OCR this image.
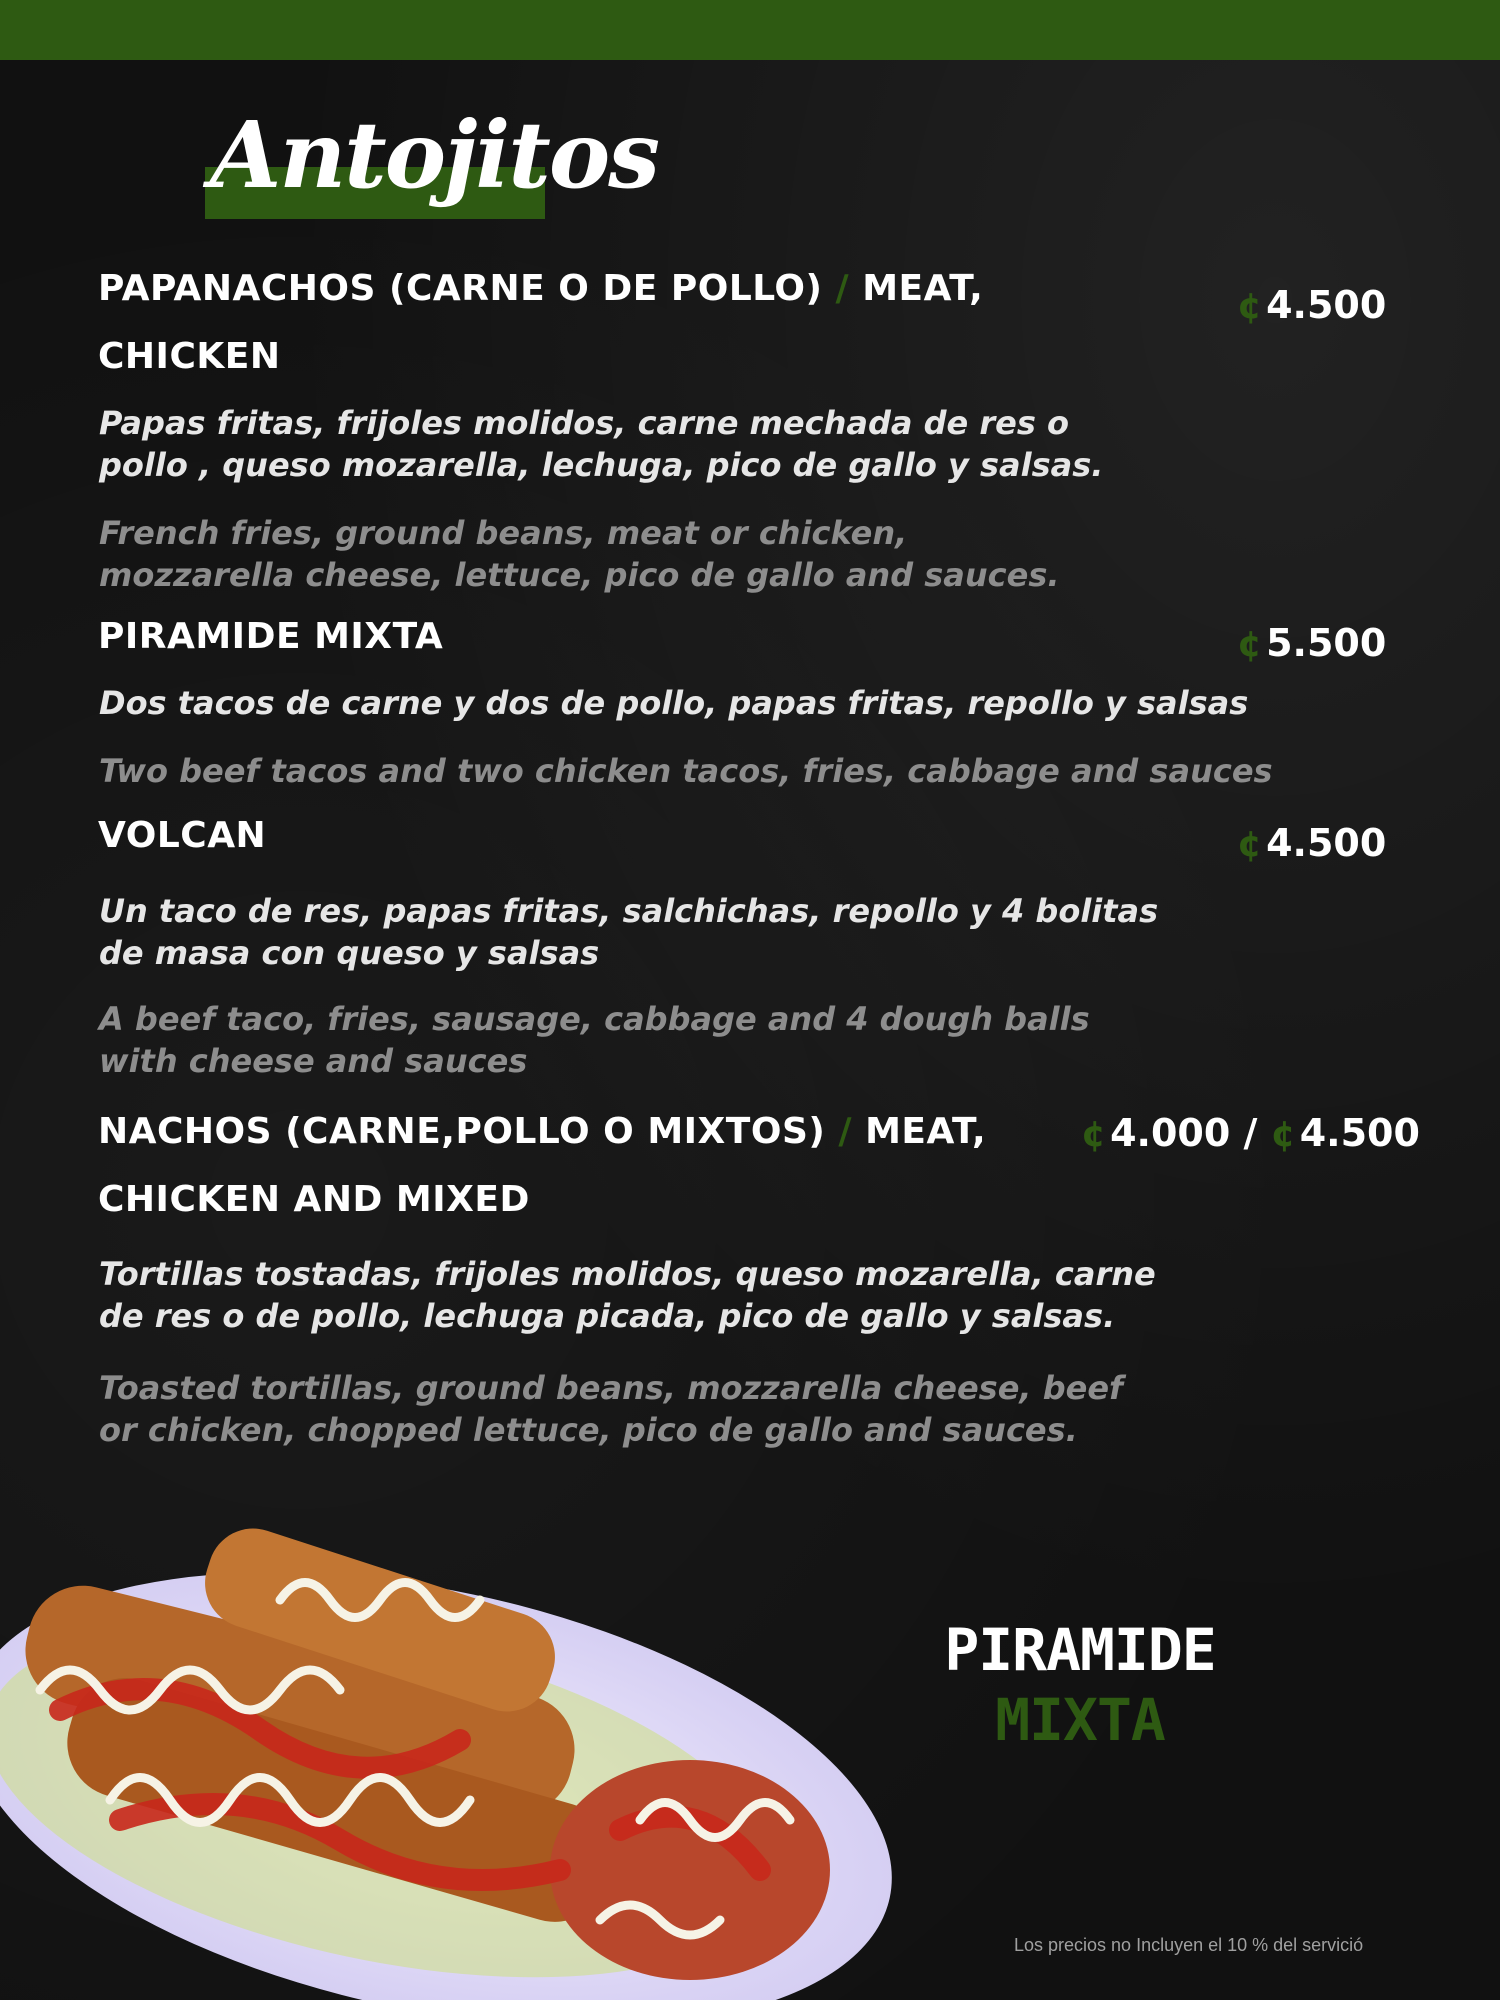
Antojitos
PAPANACHOS (CARNE O DE POLLO) / MEAT, CHICKEN
¢ 4.500
Papas fritas, frijoles molidos, carne mechada de res o pollo , queso mozarella, lechuga, pico de gallo y salsas.
French fries, ground beans, meat or chicken, mozzarella cheese, lettuce, pico de gallo and sauces.
PIRAMIDE MIXTA	¢ 5.500
Dos tacos de carne y dos de pollo, papas fritas, repollo y salsas
Two beef tacos and two chicken tacos, fries, cabbage and sauces
VOLCAN	¢ 4.500
Un taco de res, papas fritas, salchichas, repollo y 4 bolitas de masa con queso y salsas
A beef taco, fries, sausage, cabbage and 4 dough balls with cheese and sauces
NACHOS (CARNE,POLLO O MIXTOS) / MEAT, CHICKEN AND MIXED
¢ 4.000 / ¢ 4.500
Tortillas tostadas, frijoles molidos, queso mozarella, carne de res o de pollo, lechuga picada, pico de gallo y salsas.
Toasted tortillas, ground beans, mozzarella cheese, beef or chicken, chopped lettuce, pico de gallo and sauces.
PIRAMIDE
MIXTA
Los precios no Incluyen el 10 % del servició
